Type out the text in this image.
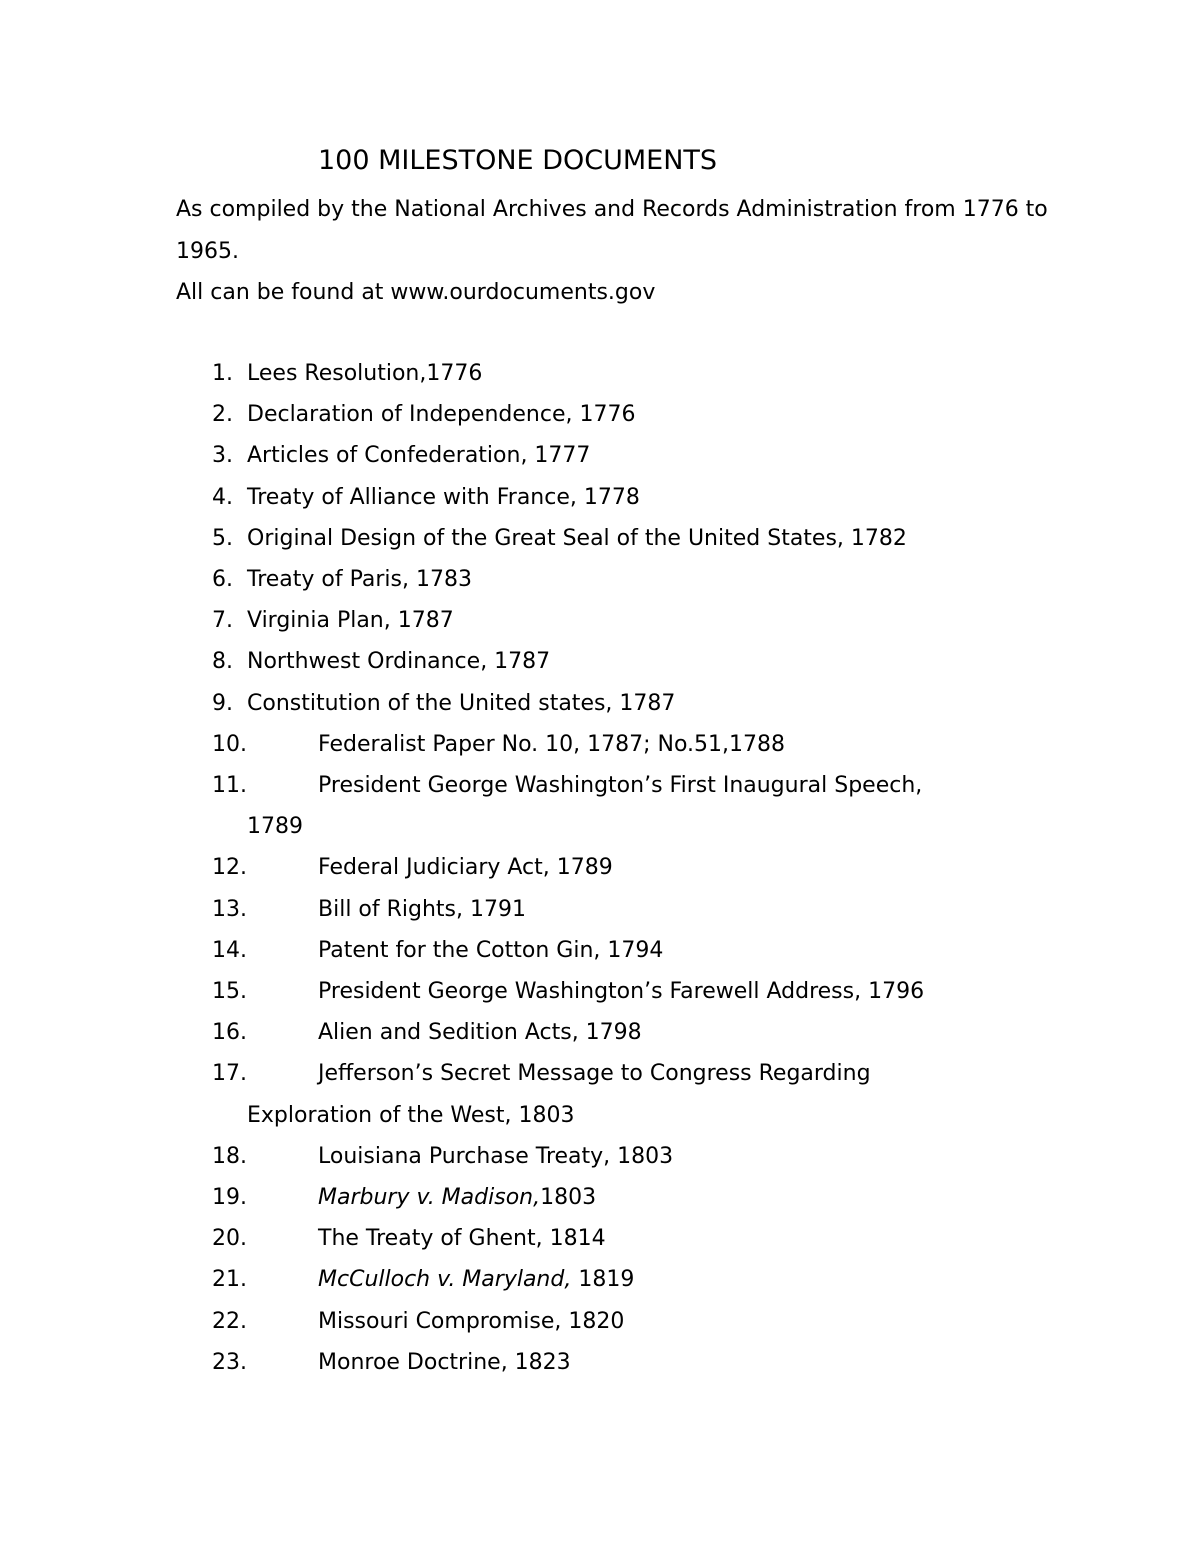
100 MILESTONE DOCUMENTS

As compiled by the National Archives and Records Administration from 1776 to 1965.

All can be found at www.ourdocuments.gov

1. Lees Resolution,1776
2. Declaration of Independence, 1776
3. Articles of Confederation, 1777
4. Treaty of Alliance with France, 1778
5. Original Design of the Great Seal of the United States, 1782
6. Treaty of Paris, 1783
7. Virginia Plan, 1787
8. Northwest Ordinance, 1787
9. Constitution of the United states, 1787
10.	Federalist Paper No. 10, 1787; No.51,1788
11.	President George Washington’s First Inaugural Speech,
1789
12.	Federal Judiciary Act, 1789
13.	Bill of Rights, 1791
14.	Patent for the Cotton Gin, 1794
15.	President George Washington’s Farewell Address, 1796
16.	Alien and Sedition Acts, 1798
17.	Jefferson’s Secret Message to Congress Regarding
Exploration of the West, 1803
18.	Louisiana Purchase Treaty, 1803
19.	Marbury v. Madison,1803
20.	The Treaty of Ghent, 1814
21.	McCulloch v. Maryland, 1819
22.	Missouri Compromise, 1820
23.	Monroe Doctrine, 1823
